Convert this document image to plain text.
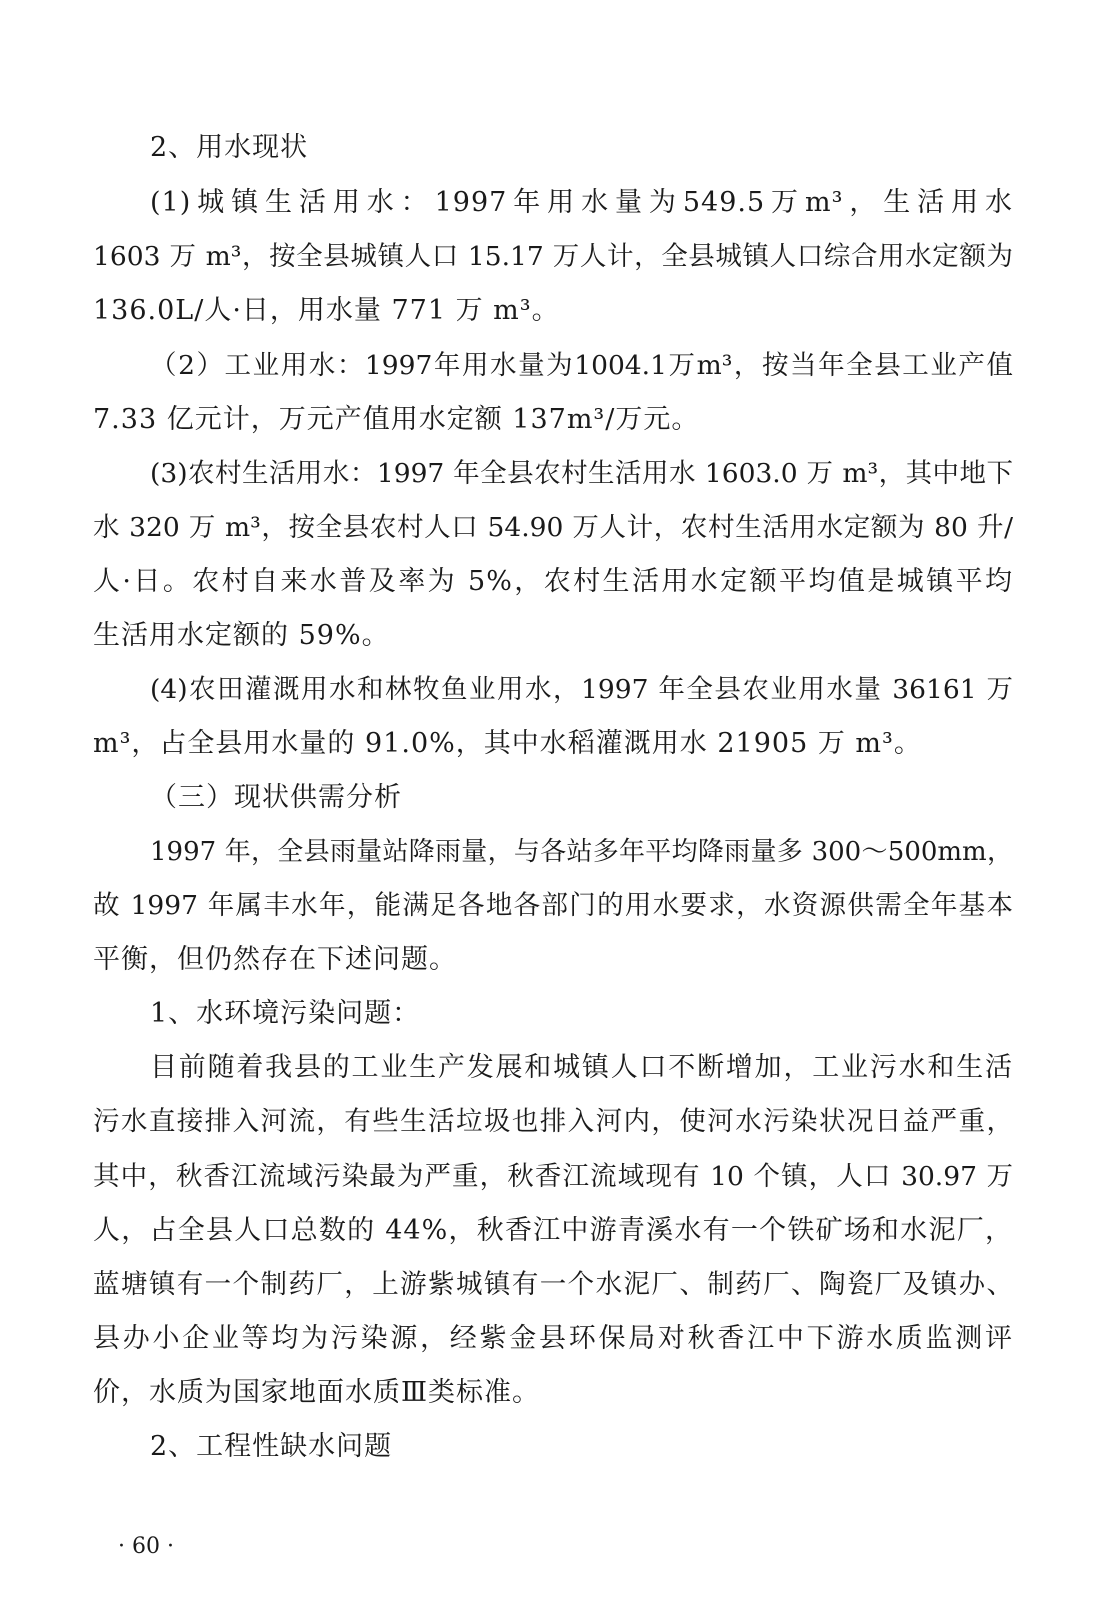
2、用水现状
(1)城镇生活用水：1997年用水量为549.5万m³，生活用水
1603 万 m³，按全县城镇人口 15.17 万人计，全县城镇人口综合用水定额为
136.0L/人·日，用水量 771 万 m³。
（2）工业用水：1997年用水量为1004.1万m³，按当年全县工业产值
7.33 亿元计，万元产值用水定额 137m³/万元。
(3)农村生活用水：1997 年全县农村生活用水 1603.0 万 m³，其中地下
水 320 万 m³，按全县农村人口 54.90 万人计，农村生活用水定额为 80 升/
人·日。农村自来水普及率为 5%，农村生活用水定额平均值是城镇平均
生活用水定额的 59%。
(4)农田灌溉用水和林牧鱼业用水，1997 年全县农业用水量 36161 万
m³，占全县用水量的 91.0%，其中水稻灌溉用水 21905 万 m³。
（三）现状供需分析
1997 年，全县雨量站降雨量，与各站多年平均降雨量多 300～500mm，
故 1997 年属丰水年，能满足各地各部门的用水要求，水资源供需全年基本
平衡，但仍然存在下述问题。
1、水环境污染问题：
目前随着我县的工业生产发展和城镇人口不断增加，工业污水和生活
污水直接排入河流，有些生活垃圾也排入河内，使河水污染状况日益严重，
其中，秋香江流域污染最为严重，秋香江流域现有 10 个镇，人口 30.97 万
人，占全县人口总数的 44%，秋香江中游青溪水有一个铁矿场和水泥厂，
蓝塘镇有一个制药厂，上游紫城镇有一个水泥厂、制药厂、陶瓷厂及镇办、
县办小企业等均为污染源，经紫金县环保局对秋香江中下游水质监测评
价，水质为国家地面水质Ⅲ类标准。
2、工程性缺水问题
· 60 ·
